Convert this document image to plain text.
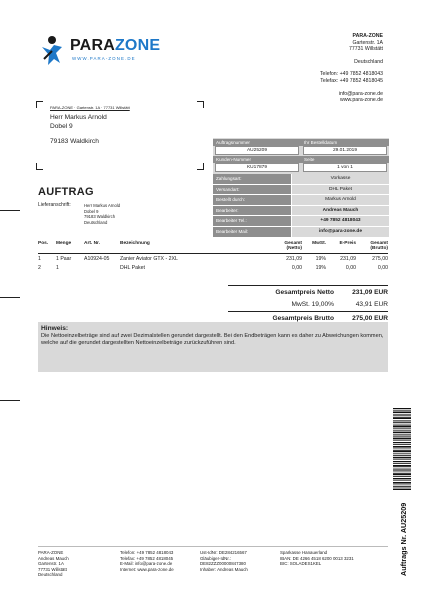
PARAZONE
WWW.PARA-ZONE.DE
PARA-ZONE
Gartenstr. 1A
77731 Willstätt
Deutschland
Telefon: +49 7852 4818043
Telefax: +49 7852 4818045
info@para-zone.de
www.para-zone.de
PARA-ZONE · Gartenstr. 1A · 77731 Willstätt
Herr Markus Arnold
Dobel 9
79183 Waldkirch
AUFTRAG
Lieferanschrift:	Herr Markus Arnold
Dobel 9
79183 Waldkirch
Deutschland
Auftragsnummer
AU25209
Ihr Bestelldatum
29.01.2019
Kunden-Nummer
KU17879
Seite
1 von 1
Zahlungsart:	Vorkasse
Versandart:	DHL Paket
Bestellt durch:	Markus Arnold
Bearbeiter:	Andreas Mauch
Bearbeiter Tel.:	+49 7852 4818043
Bearbeiter Mail:	info@para-zone.de
Pos.	Menge	Art. Nr.	Bezeichnung	Gesamt (Netto)	MwSt.	E-Preis	Gesamt (Brutto)
1	1 Paar	A10924-05	Zanier Aviator GTX - 2XL	231,09	19%	231,09	275,00
2	1		DHL Paket	0,00	19%	0,00	0,00
Gesamtpreis Netto	231,09 EUR
MwSt. 19,00%	43,91 EUR
Gesamtpreis Brutto	275,00 EUR
Hinweis:
Die Nettoeinzelbeträge sind auf zwei Dezimalstellen gerundet dargestellt. Bei den Endbeträgen kann es daher zu Abweichungen kommen, welche auf die gerundet dargestellten Nettoeinzelbeträge zurückzuführen sind.
Auftrags Nr. AU25209
PARA-ZONE
Andreas Mauch
Gartenstr. 1A
77731 Willstätt
Deutschland
Telefon: +49 7852 4818043
Telefax: +49 7852 4818045
E-Mail: info@para-zone.de
Internet: www.para-zone.de
Ust-IdNr: DE284216567
Gläubiger-IdNr.:
DE82ZZZ00000847380
Inhaber: Andreas Mauch
Sparkasse Hanauerland
IBAN: DE 4266 4518 6200 0013 3231
BIC: SOLADES1KEL
